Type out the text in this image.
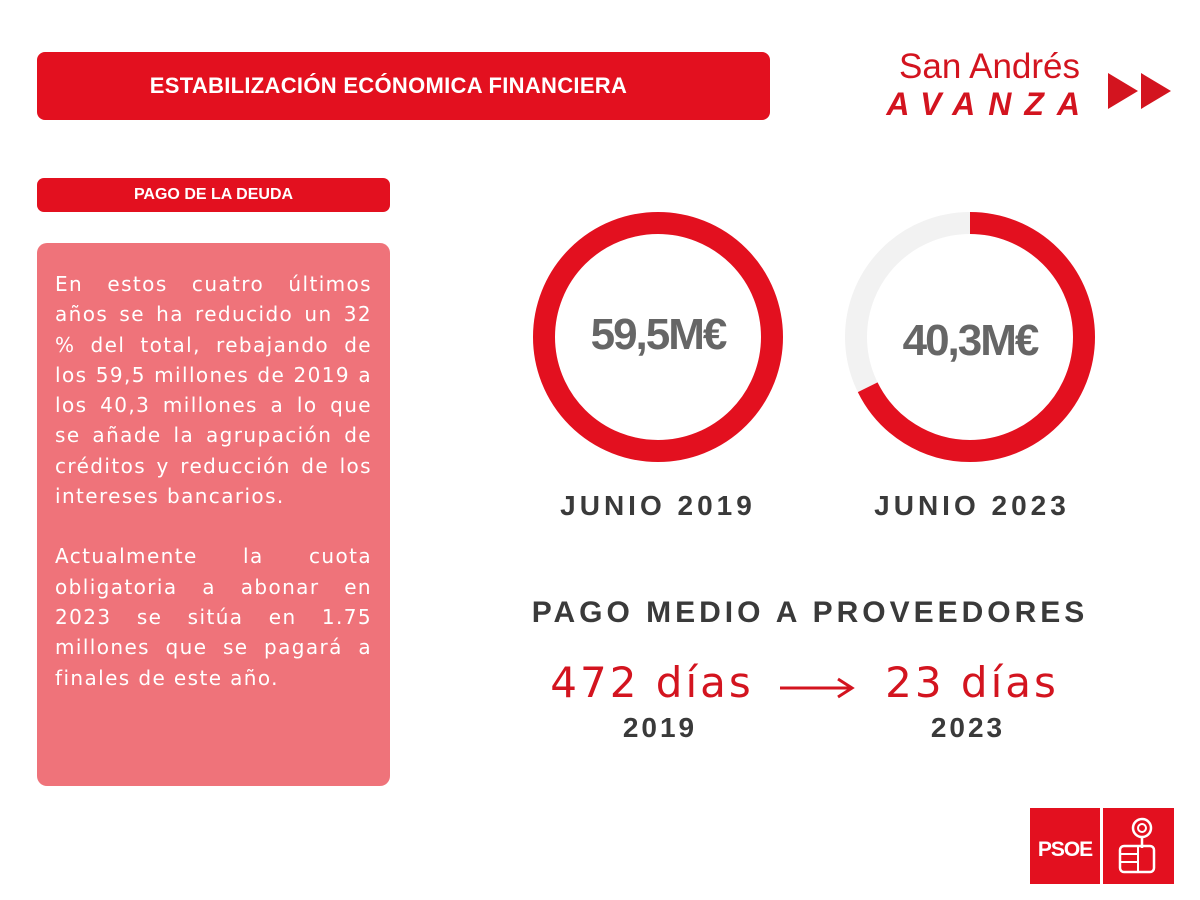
ESTABILIZACIÓN ECÓNOMICA FINANCIERA	San Andrés
AVANZA
PAGO DE LA DEUDA

En estos cuatro últimos años se ha reducido un 32 % del total, rebajando de los 59,5 millones de 2019 a los 40,3 millones a lo que se añade la agrupación de créditos y reducción de los intereses bancarios.

Actualmente la cuota obligatoria a abonar en 2023 se sitúa en 1.75 millones que se pagará a finales de este año.

59,5M€
JUNIO 2019
40,3M€
JUNIO 2023
PAGO MEDIO A PROVEEDORES
472 días
2019
23 días
2023
PSOE
